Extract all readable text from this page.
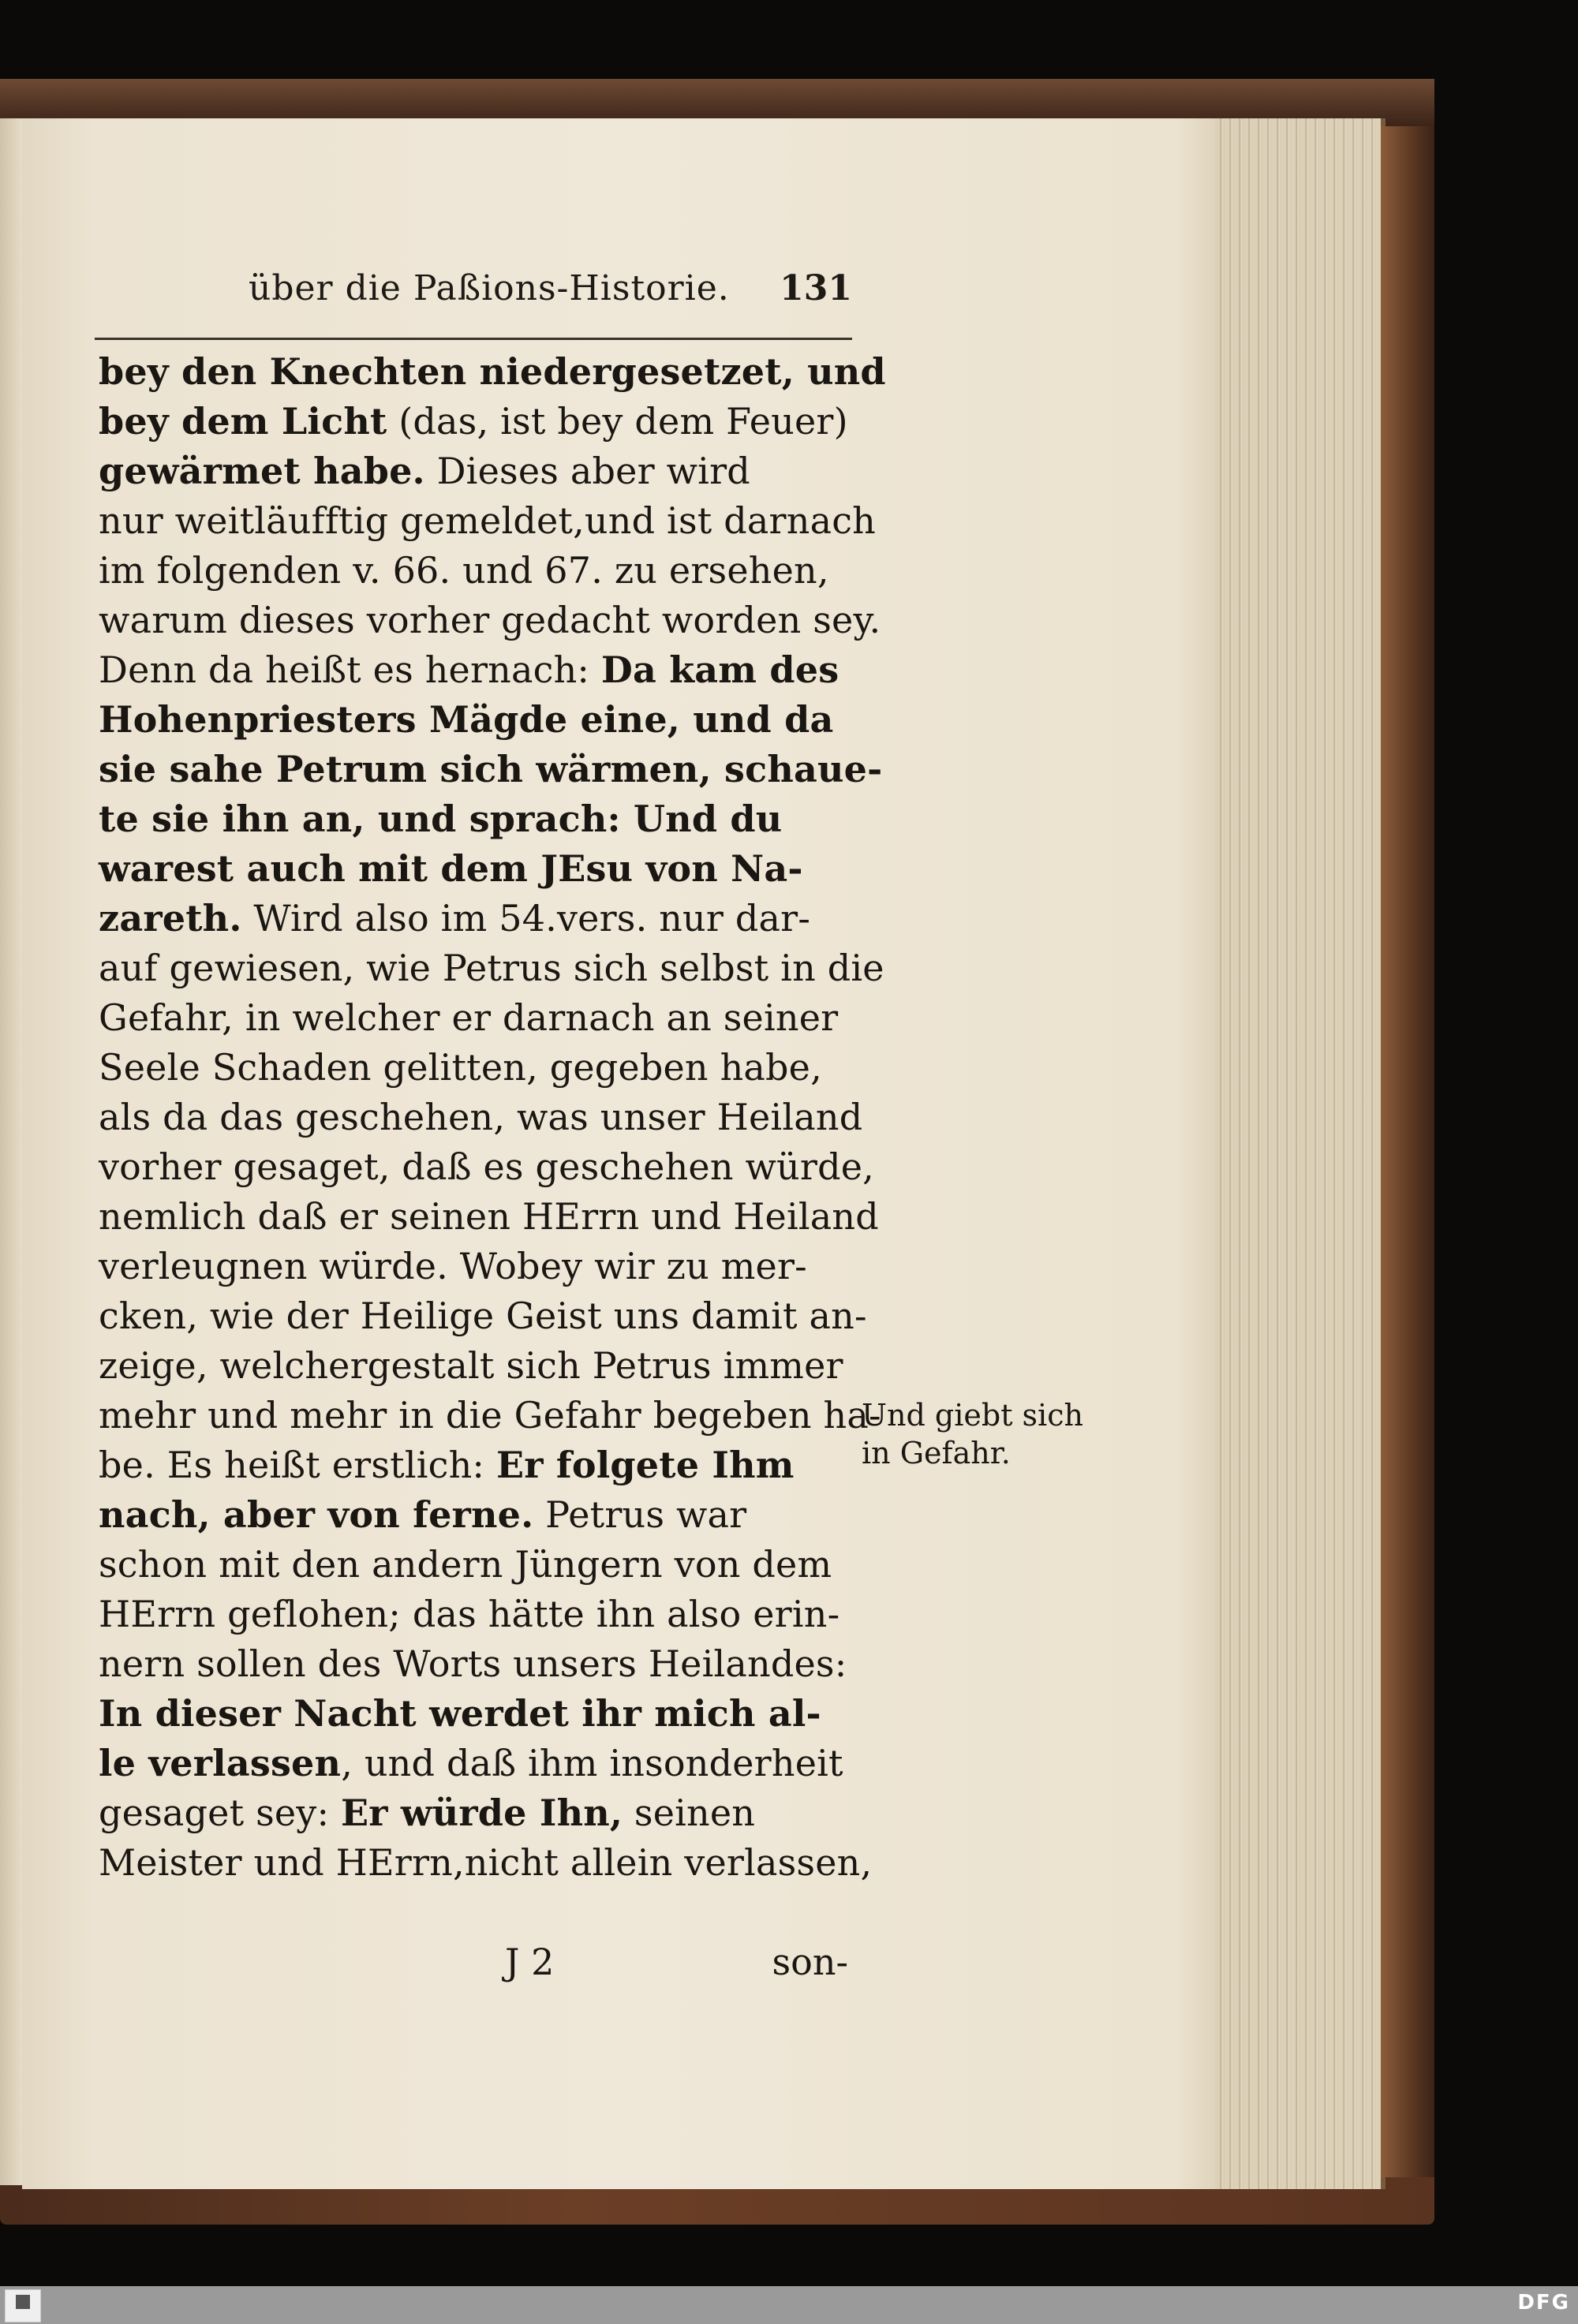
über die Paßions-Historie. 131
bey den Knechten niedergesetzet, und
bey dem Licht (das, ist bey dem Feuer)
gewärmet habe. Dieses aber wird
nur weitläufftig gemeldet,und ist darnach
im folgenden v. 66. und 67. zu ersehen,
warum dieses vorher gedacht worden sey.
Denn da heißt es hernach: Da kam des
Hohenpriesters Mägde eine, und da
sie sahe Petrum sich wärmen, schaue-
te sie ihn an, und sprach: Und du
warest auch mit dem JEsu von Na-
zareth. Wird also im 54.vers. nur dar-
auf gewiesen, wie Petrus sich selbst in die
Gefahr, in welcher er darnach an seiner
Seele Schaden gelitten, gegeben habe,
als da das geschehen, was unser Heiland
vorher gesaget, daß es geschehen würde,
nemlich daß er seinen HErrn und Heiland
verleugnen würde. Wobey wir zu mer-
cken, wie der Heilige Geist uns damit an-
zeige, welchergestalt sich Petrus immer
mehr und mehr in die Gefahr begeben ha-
be. Es heißt erstlich: Er folgete Ihm
nach, aber von ferne. Petrus war
schon mit den andern Jüngern von dem
HErrn geflohen; das hätte ihn also erin-
nern sollen des Worts unsers Heilandes:
In dieser Nacht werdet ihr mich al-
le verlassen, und daß ihm insonderheit
gesaget sey: Er würde Ihn, seinen
Meister und HErrn,nicht allein verlassen,
Und giebt sich
in Gefahr.
J 2	son-
DFG
